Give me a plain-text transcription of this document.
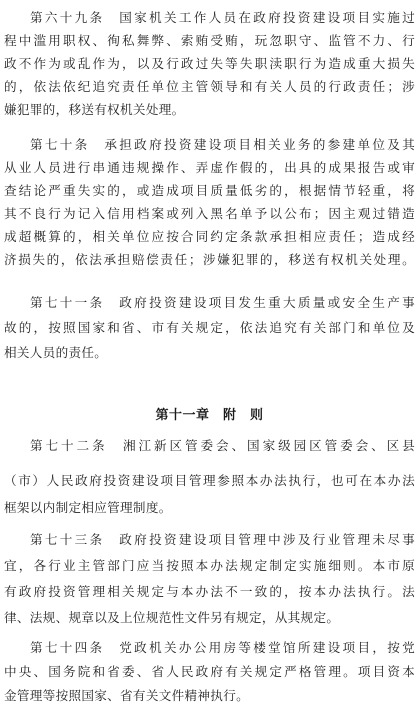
第六十九条　国家机关工作人员在政府投资建设项目实施过
程中滥用职权、徇私舞弊、索贿受贿，玩忽职守、监管不力、行
政不作为或乱作为，以及行政过失等失职渎职行为造成重大损失
的，依法依纪追究责任单位主管领导和有关人员的行政责任；涉
嫌犯罪的，移送有权机关处理。
第七十条　承担政府投资建设项目相关业务的参建单位及其
从业人员进行串通违规操作、弄虚作假的，出具的成果报告或审
查结论严重失实的，或造成项目质量低劣的，根据情节轻重，将
其不良行为记入信用档案或列入黑名单予以公布；因主观过错造
成超概算的，相关单位应按合同约定条款承担相应责任；造成经
济损失的，依法承担赔偿责任；涉嫌犯罪的，移送有权机关处理。
第七十一条　政府投资建设项目发生重大质量或安全生产事
故的，按照国家和省、市有关规定，依法追究有关部门和单位及
相关人员的责任。
第十一章　附　则
第七十二条　湘江新区管委会、国家级园区管委会、区县
（市）人民政府投资建设项目管理参照本办法执行，也可在本办法
框架以内制定相应管理制度。
第七十三条　政府投资建设项目管理中涉及行业管理未尽事
宜，各行业主管部门应当按照本办法规定制定实施细则。本市原
有政府投资管理相关规定与本办法不一致的，按本办法执行。法
律、法规、规章以及上位规范性文件另有规定，从其规定。
第七十四条　党政机关办公用房等楼堂馆所建设项目，按党
中央、国务院和省委、省人民政府有关规定严格管理。项目资本
金管理等按照国家、省有关文件精神执行。
